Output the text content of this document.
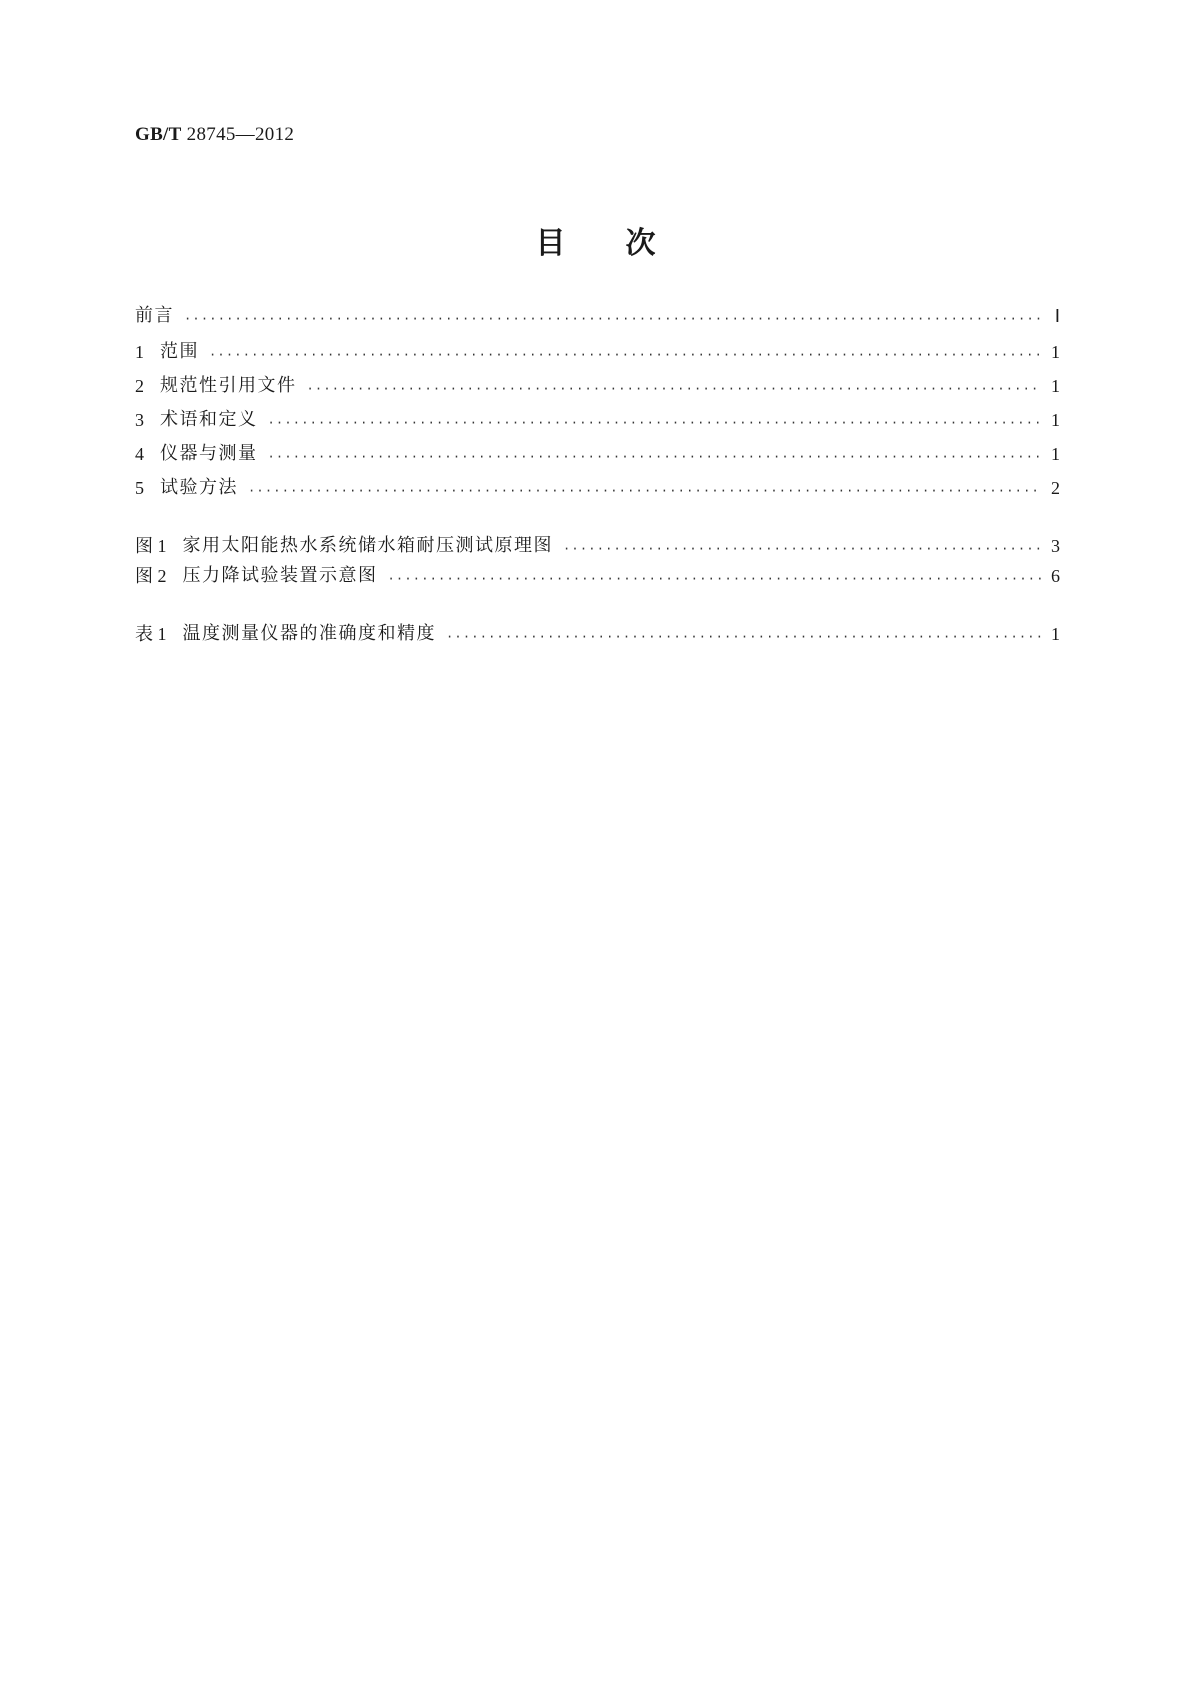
GB/T 28745—2012
目次
前言 ·····	Ⅰ
1 范围 ·····	1
2 规范性引用文件 ·····	1
3 术语和定义 ·····	1
4 仪器与测量 ·····	1
5 试验方法 ·····	2
图 1 家用太阳能热水系统储水箱耐压测试原理图 ·····	3
图 2 压力降试验装置示意图 ·····	6
表 1 温度测量仪器的准确度和精度 ·····	1
